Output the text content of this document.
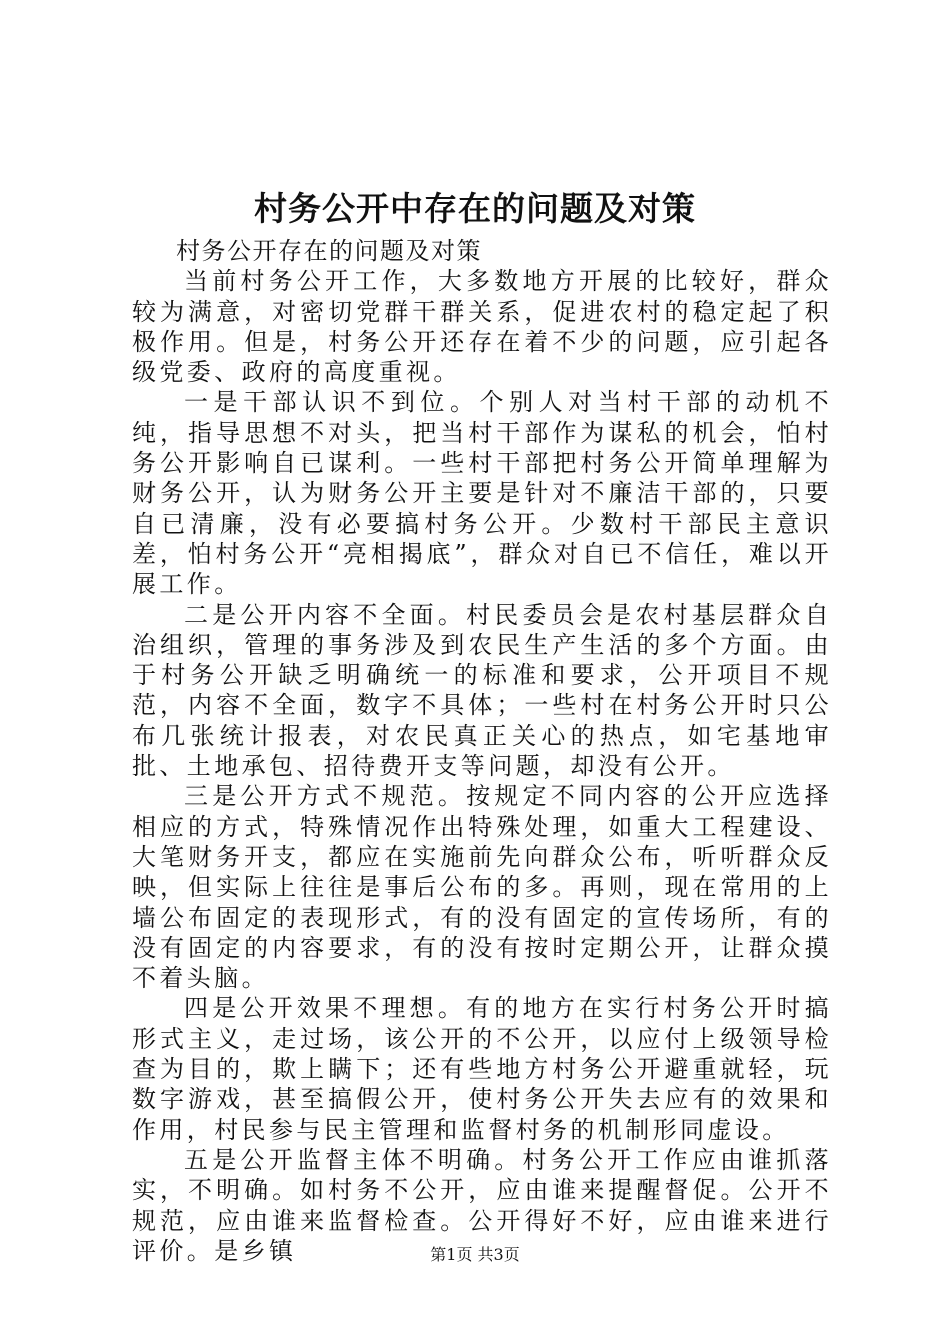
村务公开中存在的问题及对策

村务公开存在的问题及对策

当前村务公开工作，大多数地方开展的比较好，群众较为满意，对密切党群干群关系，促进农村的稳定起了积极作用。但是，村务公开还存在着不少的问题，应引起各级党委、政府的高度重视。

一是干部认识不到位。个别人对当村干部的动机不纯，指导思想不对头，把当村干部作为谋私的机会，怕村务公开影响自已谋利。一些村干部把村务公开简单理解为财务公开，认为财务公开主要是针对不廉洁干部的，只要自已清廉，没有必要搞村务公开。少数村干部民主意识差，怕村务公开“亮相揭底”，群众对自已不信任，难以开展工作。

二是公开内容不全面。村民委员会是农村基层群众自治组织，管理的事务涉及到农民生产生活的多个方面。由于村务公开缺乏明确统一的标准和要求，公开项目不规范，内容不全面，数字不具体；一些村在村务公开时只公布几张统计报表，对农民真正关心的热点，如宅基地审批、土地承包、招待费开支等问题，却没有公开。

三是公开方式不规范。按规定不同内容的公开应选择相应的方式，特殊情况作出特殊处理，如重大工程建设、大笔财务开支，都应在实施前先向群众公布，听听群众反映，但实际上往往是事后公布的多。再则，现在常用的上墙公布固定的表现形式，有的没有固定的宣传场所，有的没有固定的内容要求，有的没有按时定期公开，让群众摸不着头脑。

四是公开效果不理想。有的地方在实行村务公开时搞形式主义，走过场，该公开的不公开，以应付上级领导检查为目的，欺上瞒下；还有些地方村务公开避重就轻，玩数字游戏，甚至搞假公开，使村务公开失去应有的效果和作用，村民参与民主管理和监督村务的机制形同虚设。

五是公开监督主体不明确。村务公开工作应由谁抓落实，不明确。如村务不公开，应由谁来提醒督促。公开不规范，应由谁来监督检查。公开得好不好，应由谁来进行评价。是乡镇	第1页 共3页
